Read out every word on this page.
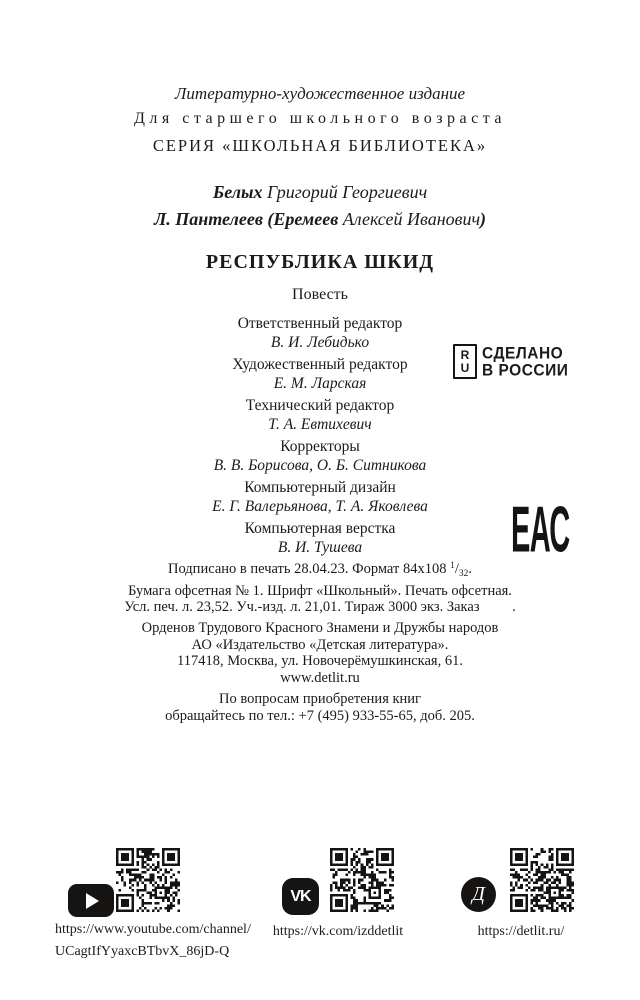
Литературно-художественное издание
Для старшего школьного возраста
СЕРИЯ «ШКОЛЬНАЯ БИБЛИОТЕКА»
Белых Григорий Георгиевич
Л. Пантелеев (Еремеев Алексей Иванович)
РЕСПУБЛИКА ШКИД
Повесть
Ответственный редактор
В. И. Лебидько
Художественный редактор
Е. М. Ларская
Технический редактор
Т. А. Евтихевич
Корректоры
В. В. Борисова, О. Б. Ситникова
Компьютерный дизайн
Е. Г. Валерьянова, Т. А. Яковлева
Компьютерная верстка
В. И. Тушева
R
U
СДЕЛАНО
В РОССИИ
ЕАС
Подписано в печать 28.04.23. Формат 84x108 $^1/_{32}$.
Бумага офсетная № 1. Шрифт «Школьный». Печать офсетная.
Усл. печ. л. 23,52. Уч.-изд. л. 21,01. Тираж 3000 экз. Заказ         .
Орденов Трудового Красного Знамени и Дружбы народов
АО «Издательство «Детская литература».
117418, Москва, ул. Новочерёмушкинская, 61.
www.detlit.ru
По вопросам приобретения книг
обращайтесь по тел.: +7 (495) 933-55-65, доб. 205.
https://www.youtube.com/channel/
UCagtIfYyaxcBTbvX_86jD-Q
VK
https://vk.com/izddetlit
Д
https://detlit.ru/
